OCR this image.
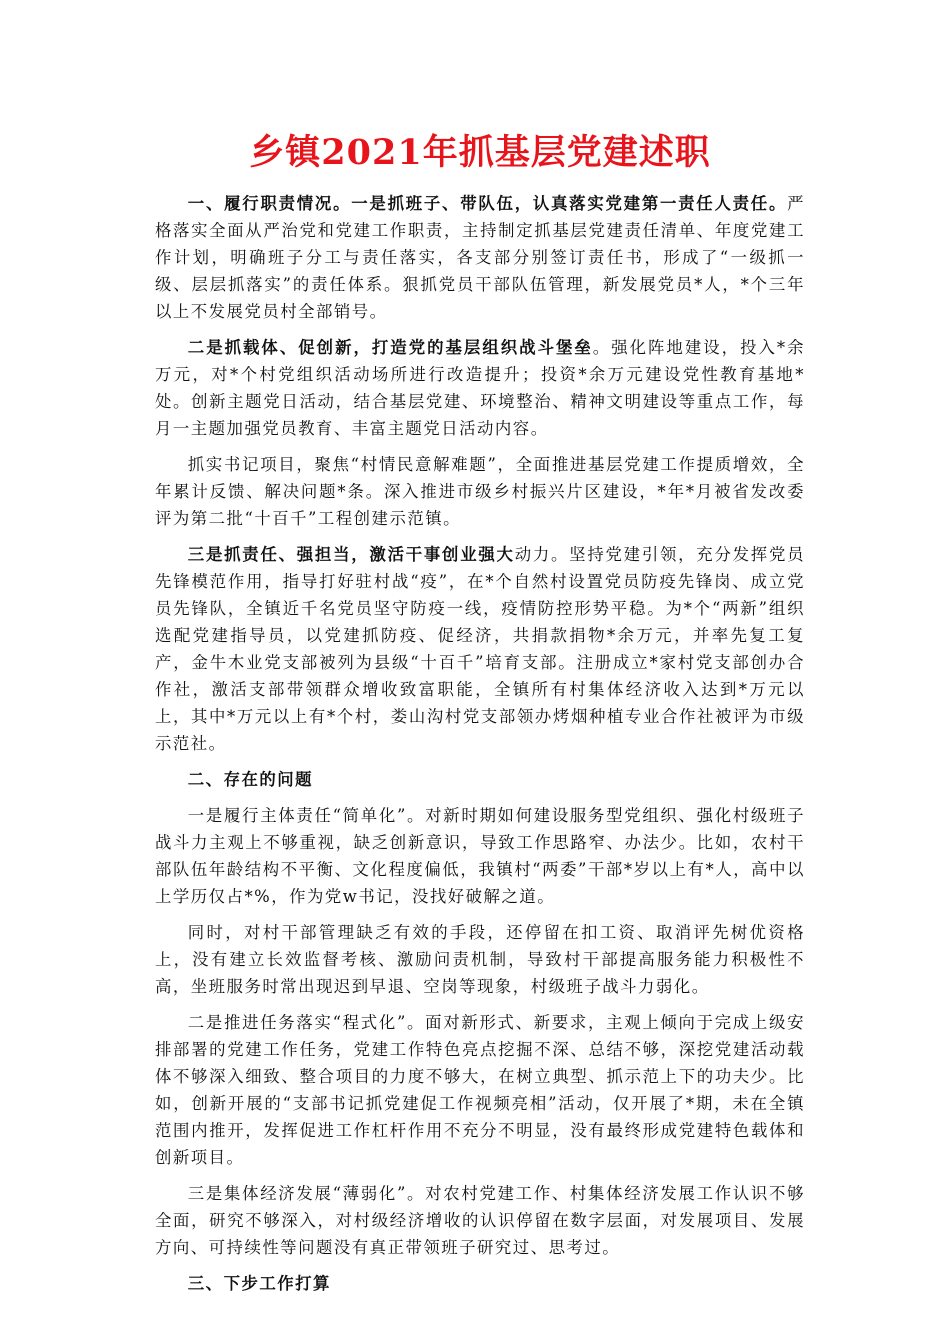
乡镇2021年抓基层党建述职

一、履行职责情况。一是抓班子、带队伍，认真落实党建第一责任人责任。严格落实全面从严治党和党建工作职责，主持制定抓基层党建责任清单、年度党建工作计划，明确班子分工与责任落实，各支部分别签订责任书，形成了“一级抓一级、层层抓落实”的责任体系。狠抓党员干部队伍管理，新发展党员*人，*个三年以上不发展党员村全部销号。

二是抓载体、促创新，打造党的基层组织战斗堡垒。强化阵地建设，投入*余万元，对*个村党组织活动场所进行改造提升；投资*余万元建设党性教育基地*处。创新主题党日活动，结合基层党建、环境整治、精神文明建设等重点工作，每月一主题加强党员教育、丰富主题党日活动内容。

抓实书记项目，聚焦“村情民意解难题”，全面推进基层党建工作提质增效，全年累计反馈、解决问题*条。深入推进市级乡村振兴片区建设，*年*月被省发改委评为第二批“十百千”工程创建示范镇。

三是抓责任、强担当，激活干事创业强大动力。坚持党建引领，充分发挥党员先锋模范作用，指导打好驻村战“疫”，在*个自然村设置党员防疫先锋岗、成立党员先锋队，全镇近千名党员坚守防疫一线，疫情防控形势平稳。为*个“两新”组织选配党建指导员，以党建抓防疫、促经济，共捐款捐物*余万元，并率先复工复产，金牛木业党支部被列为县级“十百千”培育支部。注册成立*家村党支部创办合作社，激活支部带领群众增收致富职能，全镇所有村集体经济收入达到*万元以上，其中*万元以上有*个村，娄山沟村党支部领办烤烟种植专业合作社被评为市级示范社。

二、存在的问题

一是履行主体责任“简单化”。对新时期如何建设服务型党组织、强化村级班子战斗力主观上不够重视，缺乏创新意识，导致工作思路窄、办法少。比如，农村干部队伍年龄结构不平衡、文化程度偏低，我镇村“两委”干部*岁以上有*人，高中以上学历仅占*%，作为党w书记，没找好破解之道。

同时，对村干部管理缺乏有效的手段，还停留在扣工资、取消评先树优资格上，没有建立长效监督考核、激励问责机制，导致村干部提高服务能力积极性不高，坐班服务时常出现迟到早退、空岗等现象，村级班子战斗力弱化。

二是推进任务落实“程式化”。面对新形式、新要求，主观上倾向于完成上级安排部署的党建工作任务，党建工作特色亮点挖掘不深、总结不够，深挖党建活动载体不够深入细致、整合项目的力度不够大，在树立典型、抓示范上下的功夫少。比如，创新开展的“支部书记抓党建促工作视频亮相”活动，仅开展了*期，未在全镇范围内推开，发挥促进工作杠杆作用不充分不明显，没有最终形成党建特色载体和创新项目。

三是集体经济发展“薄弱化”。对农村党建工作、村集体经济发展工作认识不够全面，研究不够深入，对村级经济增收的认识停留在数字层面，对发展项目、发展方向、可持续性等问题没有真正带领班子研究过、思考过。

三、下步工作打算
